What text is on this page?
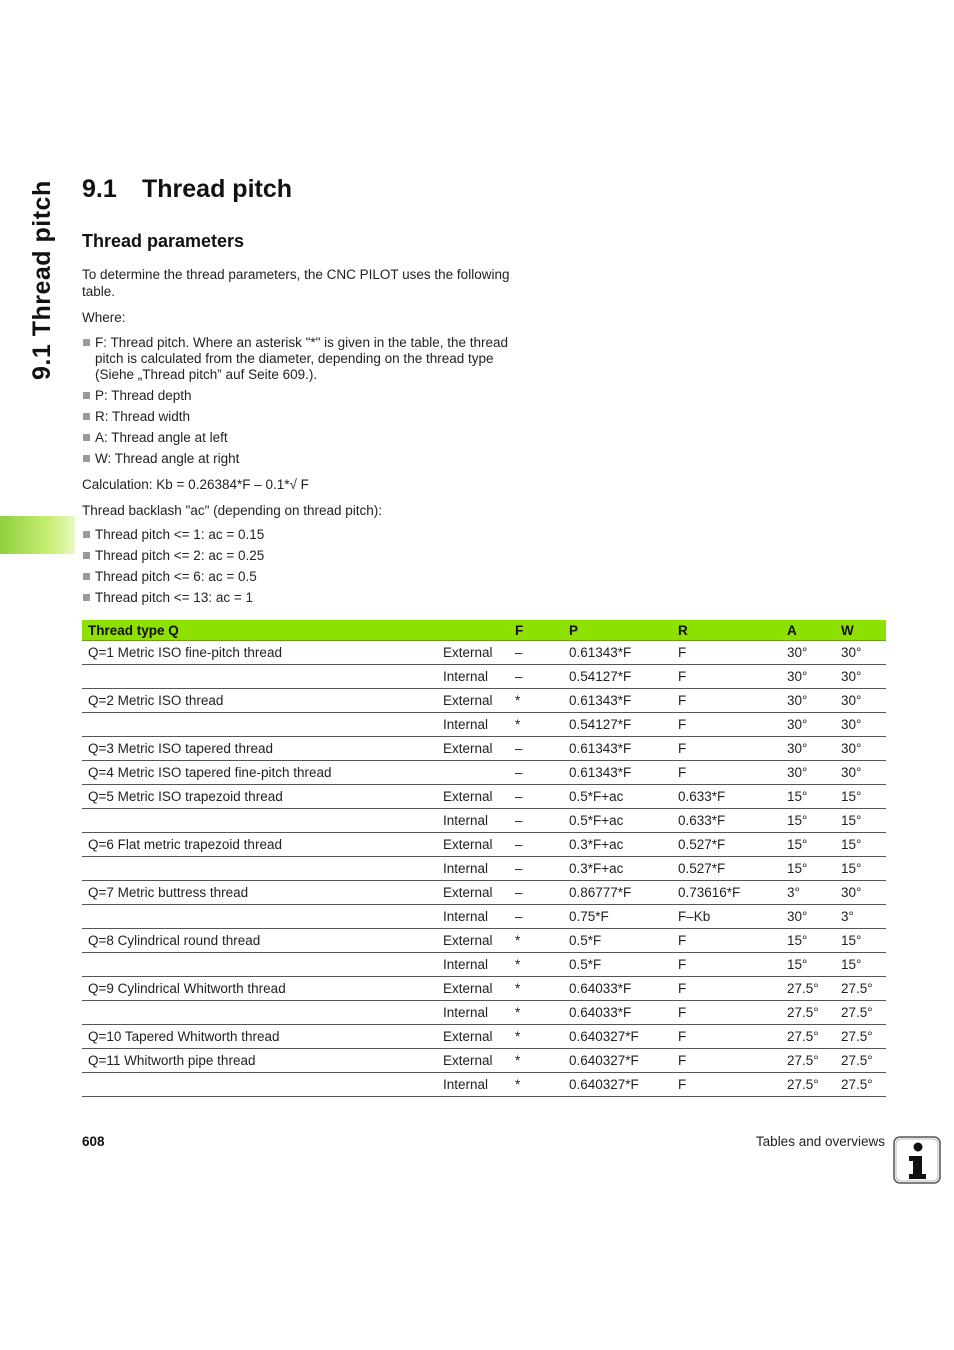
9.1 Thread pitch 9.1 Thread pitch
Thread parameters
To determine the thread parameters, the CNC PILOT uses the following table.
Where:
F: Thread pitch. Where an asterisk "*" is given in the table, the thread pitch is calculated from the diameter, depending on the thread type (Siehe „Thread pitch” auf Seite 609.).
P: Thread depth
R: Thread width
A: Thread angle at left
W: Thread angle at right
Calculation: Kb = 0.26384*F – 0.1*√ F
Thread backlash "ac" (depending on thread pitch):
Thread pitch <= 1: ac = 0.15
Thread pitch <= 2: ac = 0.25
Thread pitch <= 6: ac = 0.5
Thread pitch <= 13: ac = 1
Thread type Q		F	P	R	A	W
Q=1 Metric ISO fine-pitch thread	External	–	0.61343*F	F	30°	30°
	Internal	–	0.54127*F	F	30°	30°
Q=2 Metric ISO thread	External	*	0.61343*F	F	30°	30°
	Internal	*	0.54127*F	F	30°	30°
Q=3 Metric ISO tapered thread	External	–	0.61343*F	F	30°	30°
Q=4 Metric ISO tapered fine-pitch thread		–	0.61343*F	F	30°	30°
Q=5 Metric ISO trapezoid thread	External	–	0.5*F+ac	0.633*F	15°	15°
	Internal	–	0.5*F+ac	0.633*F	15°	15°
Q=6 Flat metric trapezoid thread	External	–	0.3*F+ac	0.527*F	15°	15°
	Internal	–	0.3*F+ac	0.527*F	15°	15°
Q=7 Metric buttress thread	External	–	0.86777*F	0.73616*F	3°	30°
	Internal	–	0.75*F	F–Kb	30°	3°
Q=8 Cylindrical round thread	External	*	0.5*F	F	15°	15°
	Internal	*	0.5*F	F	15°	15°
Q=9 Cylindrical Whitworth thread	External	*	0.64033*F	F	27.5°	27.5°
	Internal	*	0.64033*F	F	27.5°	27.5°
Q=10 Tapered Whitworth thread	External	*	0.640327*F	F	27.5°	27.5°
Q=11 Whitworth pipe thread	External	*	0.640327*F	F	27.5°	27.5°
	Internal	*	0.640327*F	F	27.5°	27.5°
608	Tables and overviews
